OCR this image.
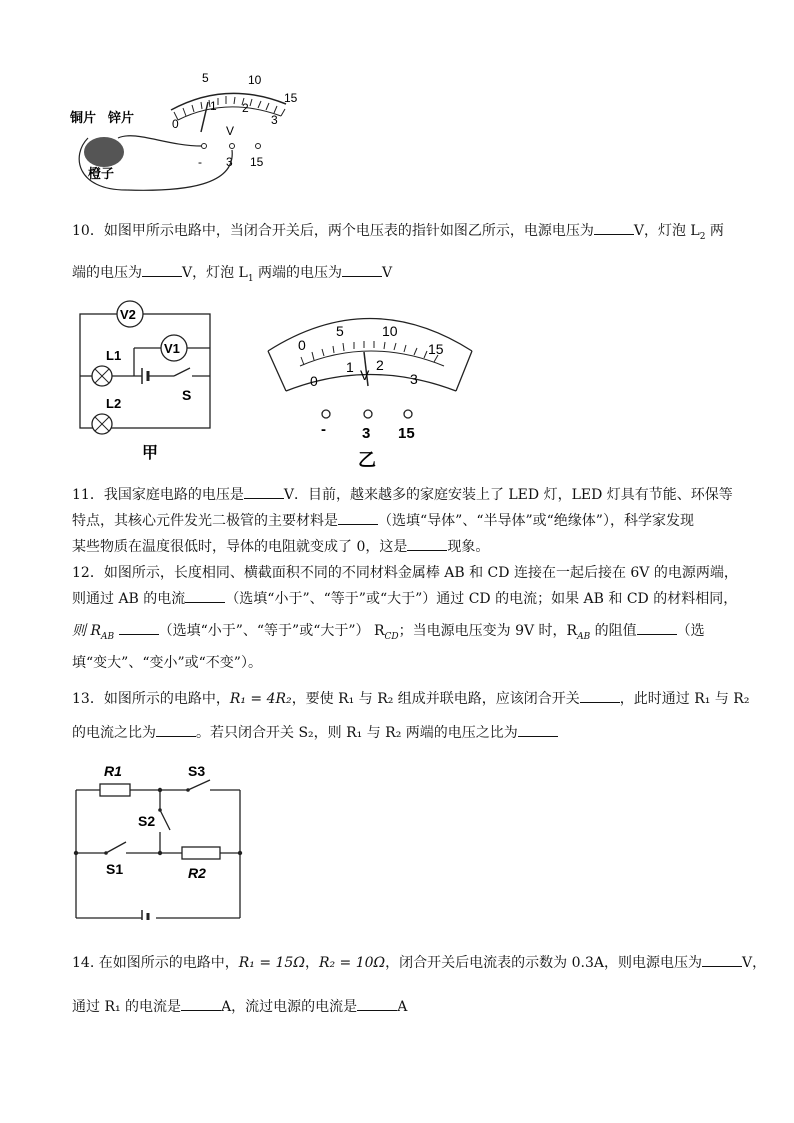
5	10
15
0
1 2
3
V
- 3 15
铜片 锌片
橙子
10．如图甲所示电路中，当闭合开关后，两个电压表的指针如图乙所示，电源电压为	V，灯泡 $L_2$ 两
端的电压为	V，灯泡 $L_1$ 两端的电压为	V
V2
V1
L1
L2
S
甲
0
5	10
15
0
1 2
3
V
- 3 15
乙
11．我国家庭电路的电压是	V．目前，越来越多的家庭安装上了 LED 灯，LED 灯具有节能、环保等
特点，其核心元件发光二极管的主要材料是	（选填“导体”、“半导体”或“绝缘体”），科学家发现
某些物质在温度很低时，导体的电阻就变成了 0，这是	现象。
12．如图所示，长度相同、横截面积不同的不同材料金属棒 AB 和 CD 连接在一起后接在 6V 的电源两端，
则通过 AB 的电流	（选填“小于”、“等于”或“大于”）通过 CD 的电流；如果 AB 和 CD 的材料相同，
则 $R_{AB}$	（选填“小于”、“等于”或“大于”） $R_{CD}$；当电源电压变为 9V 时，$R_{AB}$ 的阻值	（选
填“变大”、“变小”或“不变”）。
13．如图所示的电路中，R₁ = 4R₂，要使 R₁ 与 R₂ 组成并联电路，应该闭合开关	，此时通过 R₁ 与 R₂
的电流之比为	。若只闭合开关 S₂，则 R₁ 与 R₂ 两端的电压之比为
R1	S3
S2
S1	R2
14. 在如图所示的电路中，R₁ = 15Ω，R₂ = 10Ω，闭合开关后电流表的示数为 0.3A，则电源电压为	V，
通过 R₁ 的电流是	A，流过电源的电流是	A
